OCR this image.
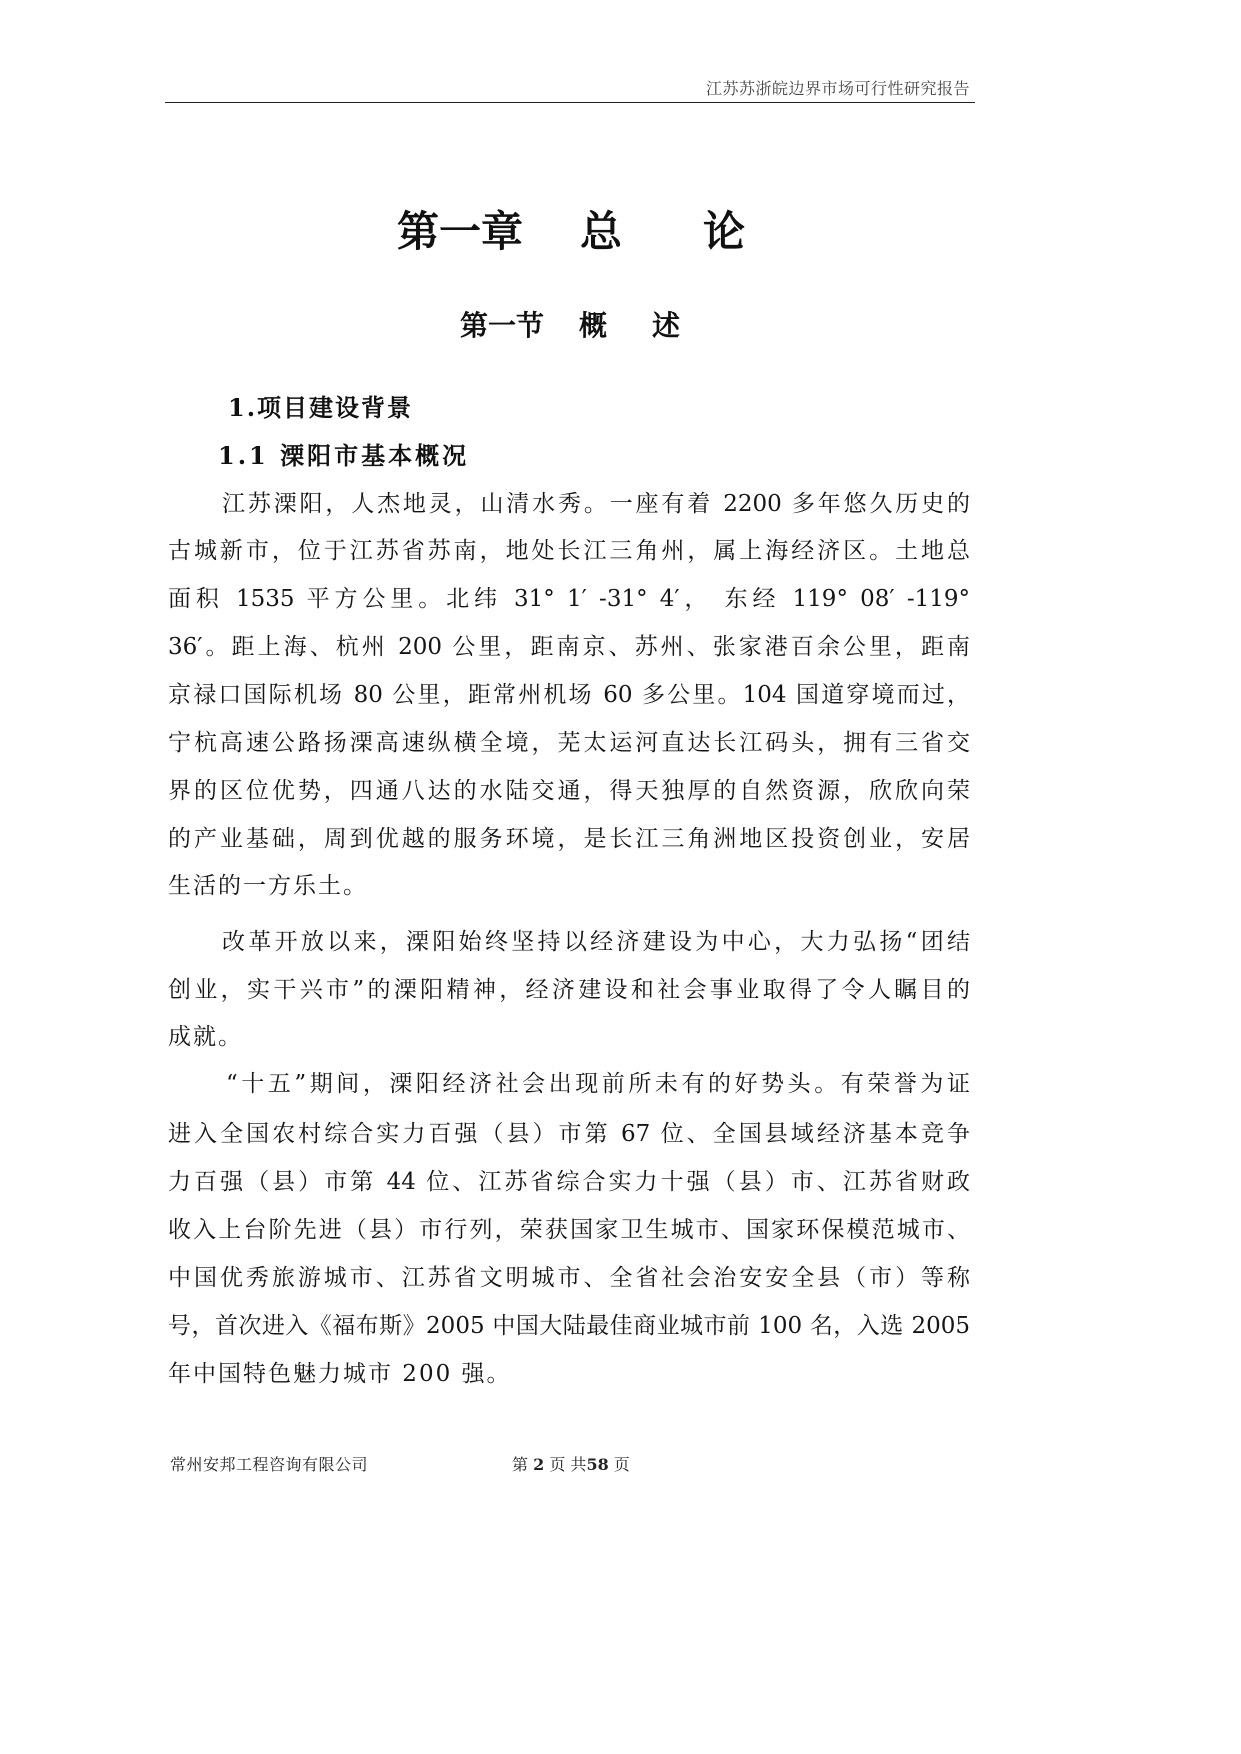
江苏苏浙皖边界市场可行性研究报告
第一章 总 论
第一节 概 述
1.项目建设背景
1.1 溧阳市基本概况
江苏溧阳，人杰地灵，山清水秀。一座有着 2200 多年悠久历史的
古城新市，位于江苏省苏南，地处长江三角州，属上海经济区。土地总
面积 1535 平方公里。北纬 31° 1′ -31° 4′， 东经 119° 08′ -119°
36′。距上海、杭州 200 公里，距南京、苏州、张家港百余公里，距南
京禄口国际机场 80 公里，距常州机场 60 多公里。104 国道穿境而过，
宁杭高速公路扬溧高速纵横全境，芜太运河直达长江码头，拥有三省交
界的区位优势，四通八达的水陆交通，得天独厚的自然资源，欣欣向荣
的产业基础，周到优越的服务环境，是长江三角洲地区投资创业，安居
生活的一方乐土。
改革开放以来，溧阳始终坚持以经济建设为中心，大力弘扬“团结
创业，实干兴市”的溧阳精神，经济建设和社会事业取得了令人瞩目的
成就。
“十五”期间，溧阳经济社会出现前所未有的好势头。有荣誉为证
进入全国农村综合实力百强（县）市第 67 位、全国县域经济基本竞争
力百强（县）市第 44 位、江苏省综合实力十强（县）市、江苏省财政
收入上台阶先进（县）市行列，荣获国家卫生城市、国家环保模范城市、
中国优秀旅游城市、江苏省文明城市、全省社会治安安全县（市）等称
号，首次进入《福布斯》2005 中国大陆最佳商业城市前 100 名，入选 2005
年中国特色魅力城市 200 强。
常州安邦工程咨询有限公司	第 2 页 共58 页
